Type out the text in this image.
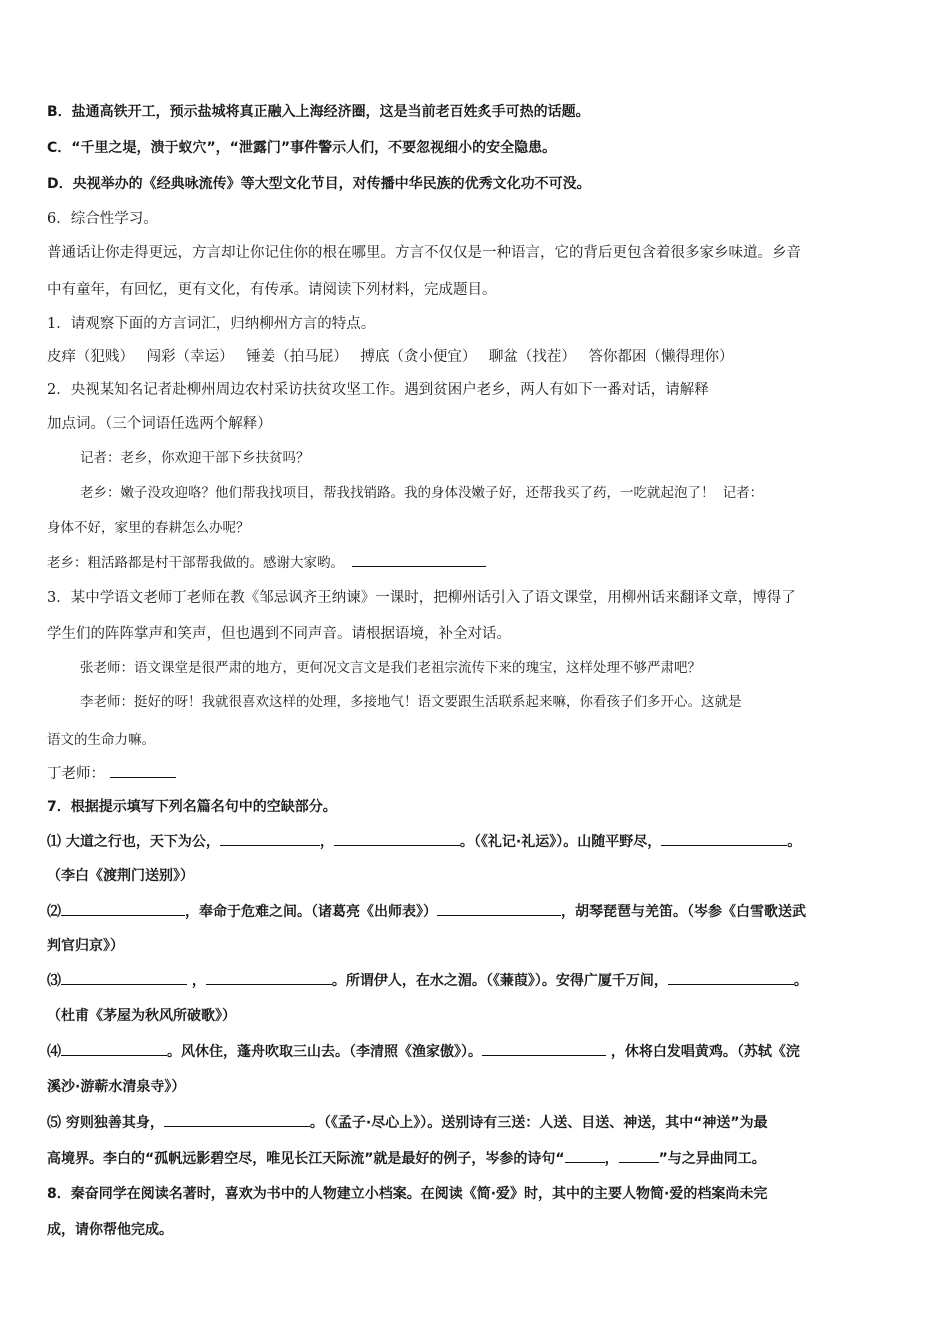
B．盐通高铁开工，预示盐城将真正融入上海经济圈，这是当前老百姓炙手可热的话题。
C．“千里之堤，溃于蚁穴”，“泄露门”事件警示人们，不要忽视细小的安全隐患。
D．央视举办的《经典咏流传》等大型文化节目，对传播中华民族的优秀文化功不可没。
6．综合性学习。
普通话让你走得更远，方言却让你记住你的根在哪里。方言不仅仅是一种语言，它的背后更包含着很多家乡味道。乡音
中有童年，有回忆，更有文化，有传承。请阅读下列材料，完成题目。
1．请观察下面的方言词汇，归纳柳州方言的特点。
皮痒（犯贱） 闯彩（幸运） 锤姜（拍马屁） 搏底（贪小便宜） 聊盆（找茬） 答你都困（懒得理你）
2．央视某知名记者赴柳州周边农村采访扶贫攻坚工作。遇到贫困户老乡，两人有如下一番对话，请解释
加点词。（三个词语任选两个解释）
记者：老乡，你欢迎干部下乡扶贫吗？
老乡：嫩子没攻迎咯？他们帮我找项目，帮我找销路。我的身体没嫩子好，还帮我买了药，一吃就起泡了！ 记者：
身体不好，家里的春耕怎么办呢？
老乡：粗活路都是村干部帮我做的。感谢大家哟。
3．某中学语文老师丁老师在教《邹忌讽齐王纳谏》一课时，把柳州话引入了语文课堂，用柳州话来翻译文章，博得了
学生们的阵阵掌声和笑声，但也遇到不同声音。请根据语境，补全对话。
张老师：语文课堂是很严肃的地方，更何况文言文是我们老祖宗流传下来的瑰宝，这样处理不够严肃吧？
李老师：挺好的呀！我就很喜欢这样的处理，多接地气！语文要跟生活联系起来嘛，你看孩子们多开心。这就是
语文的生命力嘛。
丁老师：
7．根据提示填写下列名篇名句中的空缺部分。
⑴ 大道之行也，天下为公，	，	。（《礼记·礼运》）。山随平野尽，	。
（李白《渡荆门送别》）
⑵	，奉命于危难之间。（诸葛亮《出师表》）	，胡琴琵琶与羌笛。（岑参《白雪歌送武
判官归京》）
⑶	，	。所谓伊人，在水之湄。（《蒹葭》）。安得广厦千万间，	。
（杜甫《茅屋为秋风所破歌》）
⑷	。风休住，蓬舟吹取三山去。（李清照《渔家傲》）。	，休将白发唱黄鸡。（苏轼《浣
溪沙·游蕲水清泉寺》）
⑸ 穷则独善其身，	。（《孟子·尽心上》）。送别诗有三送：人送、目送、神送，其中“神送”为最
高境界。李白的“孤帆远影碧空尽，唯见长江天际流”就是最好的例子，岑参的诗句“	，	”与之异曲同工。
8．秦奋同学在阅读名著时，喜欢为书中的人物建立小档案。在阅读《简·爱》时，其中的主要人物简·爱的档案尚未完
成，请你帮他完成。
